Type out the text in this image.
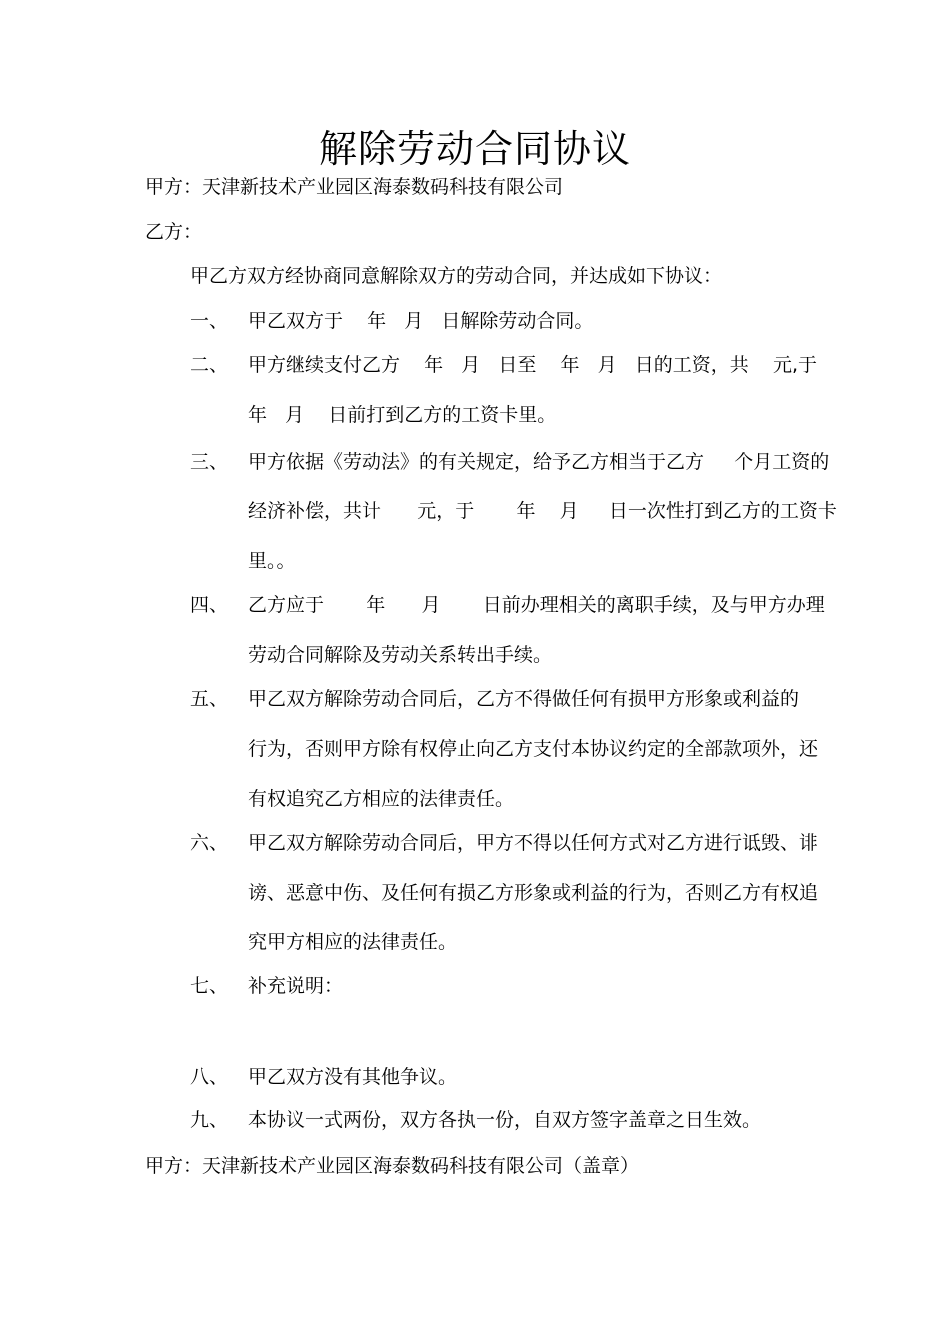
解除劳动合同协议
甲方：天津新技术产业园区海泰数码科技有限公司
乙方：
甲乙方双方经协商同意解除双方的劳动合同，并达成如下协议：
一、 甲乙双方于    年   月   日解除劳动合同。
二、 甲方继续支付乙方    年   月   日至    年   月   日的工资，共    元,于
年   月    日前打到乙方的工资卡里。
三、 甲方依据《劳动法》的有关规定，给予乙方相当于乙方     个月工资的
经济补偿，共计      元，于       年    月     日一次性打到乙方的工资卡
里。。
四、 乙方应于       年      月       日前办理相关的离职手续，及与甲方办理
劳动合同解除及劳动关系转出手续。
五、 甲乙双方解除劳动合同后，乙方不得做任何有损甲方形象或利益的
行为，否则甲方除有权停止向乙方支付本协议约定的全部款项外，还
有权追究乙方相应的法律责任。
六、 甲乙双方解除劳动合同后，甲方不得以任何方式对乙方进行诋毁、诽
谤、恶意中伤、及任何有损乙方形象或利益的行为，否则乙方有权追
究甲方相应的法律责任。
七、 补充说明：
八、 甲乙双方没有其他争议。
九、 本协议一式两份，双方各执一份，自双方签字盖章之日生效。
甲方：天津新技术产业园区海泰数码科技有限公司（盖章）
